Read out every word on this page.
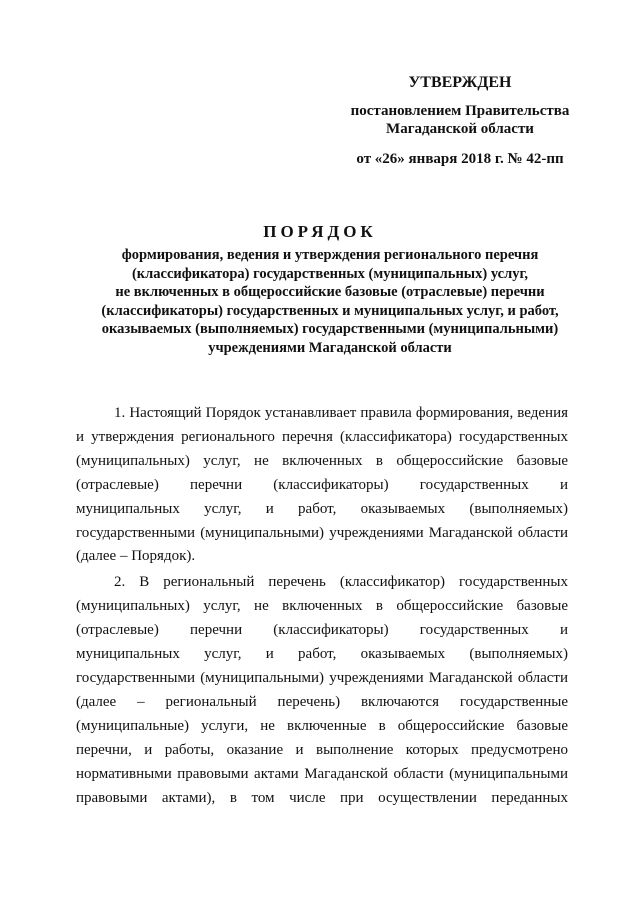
УТВЕРЖДЕН
постановлением Правительства
Магаданской области
от «26» января 2018 г. № 42-пп
ПОРЯДОК
формирования, ведения и утверждения регионального перечня
(классификатора) государственных (муниципальных) услуг,
не включенных в общероссийские базовые (отраслевые) перечни
(классификаторы) государственных и муниципальных услуг, и работ,
оказываемых (выполняемых) государственными (муниципальными)
учреждениями Магаданской области
1. Настоящий Порядок устанавливает правила формирования, ведения
и утверждения регионального перечня (классификатора) государственных
(муниципальных) услуг, не включенных в общероссийские базовые
(отраслевые) перечни (классификаторы) государственных и
муниципальных услуг, и работ, оказываемых (выполняемых)
государственными (муниципальными) учреждениями Магаданской области
(далее – Порядок).
2. В региональный перечень (классификатор) государственных
(муниципальных) услуг, не включенных в общероссийские базовые
(отраслевые) перечни (классификаторы) государственных и
муниципальных услуг, и работ, оказываемых (выполняемых)
государственными (муниципальными) учреждениями Магаданской области
(далее – региональный перечень) включаются государственные
(муниципальные) услуги, не включенные в общероссийские базовые
перечни, и работы, оказание и выполнение которых предусмотрено
нормативными правовыми актами Магаданской области (муниципальными
правовыми актами), в том числе при осуществлении переданных
